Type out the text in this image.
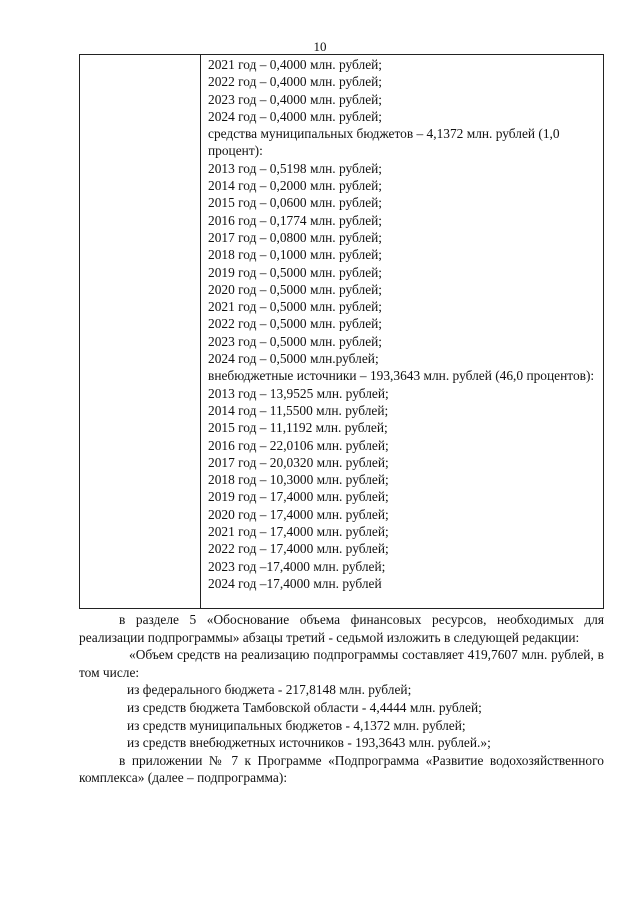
10
2021 год – 0,4000 млн. рублей;
2022 год – 0,4000 млн. рублей;
2023 год – 0,4000 млн. рублей;
2024 год – 0,4000 млн. рублей;
средства муниципальных бюджетов – 4,1372 млн. рублей (1,0 процент):
2013 год – 0,5198 млн. рублей;
2014 год – 0,2000 млн. рублей;
2015 год – 0,0600 млн. рублей;
2016 год – 0,1774 млн. рублей;
2017 год – 0,0800 млн. рублей;
2018 год – 0,1000 млн. рублей;
2019 год – 0,5000 млн. рублей;
2020 год – 0,5000 млн. рублей;
2021 год – 0,5000 млн. рублей;
2022 год – 0,5000 млн. рублей;
2023 год – 0,5000 млн. рублей;
2024 год – 0,5000 млн.рублей;
внебюджетные источники – 193,3643 млн. рублей (46,0 процентов):
2013 год – 13,9525 млн. рублей;
2014 год – 11,5500 млн. рублей;
2015 год – 11,1192 млн. рублей;
2016 год – 22,0106 млн. рублей;
2017 год – 20,0320 млн. рублей;
2018 год – 10,3000 млн. рублей;
2019 год – 17,4000 млн. рублей;
2020 год – 17,4000 млн. рублей;
2021 год – 17,4000 млн. рублей;
2022 год – 17,4000 млн. рублей;
2023 год –17,4000 млн. рублей;
2024 год –17,4000 млн. рублей

в разделе 5 «Обоснование объема финансовых ресурсов, необходимых для реализации подпрограммы» абзацы третий - седьмой изложить в следующей редакции:

«Объем средств на реализацию подпрограммы составляет 419,7607 млн. рублей, в том числе:

из федерального бюджета - 217,8148 млн. рублей;

из средств бюджета Тамбовской области - 4,4444 млн. рублей;

из средств муниципальных бюджетов - 4,1372 млн. рублей;

из средств внебюджетных источников - 193,3643 млн. рублей.»;

в приложении № 7 к Программе «Подпрограмма «Развитие водохозяйственного комплекса» (далее – подпрограмма):
